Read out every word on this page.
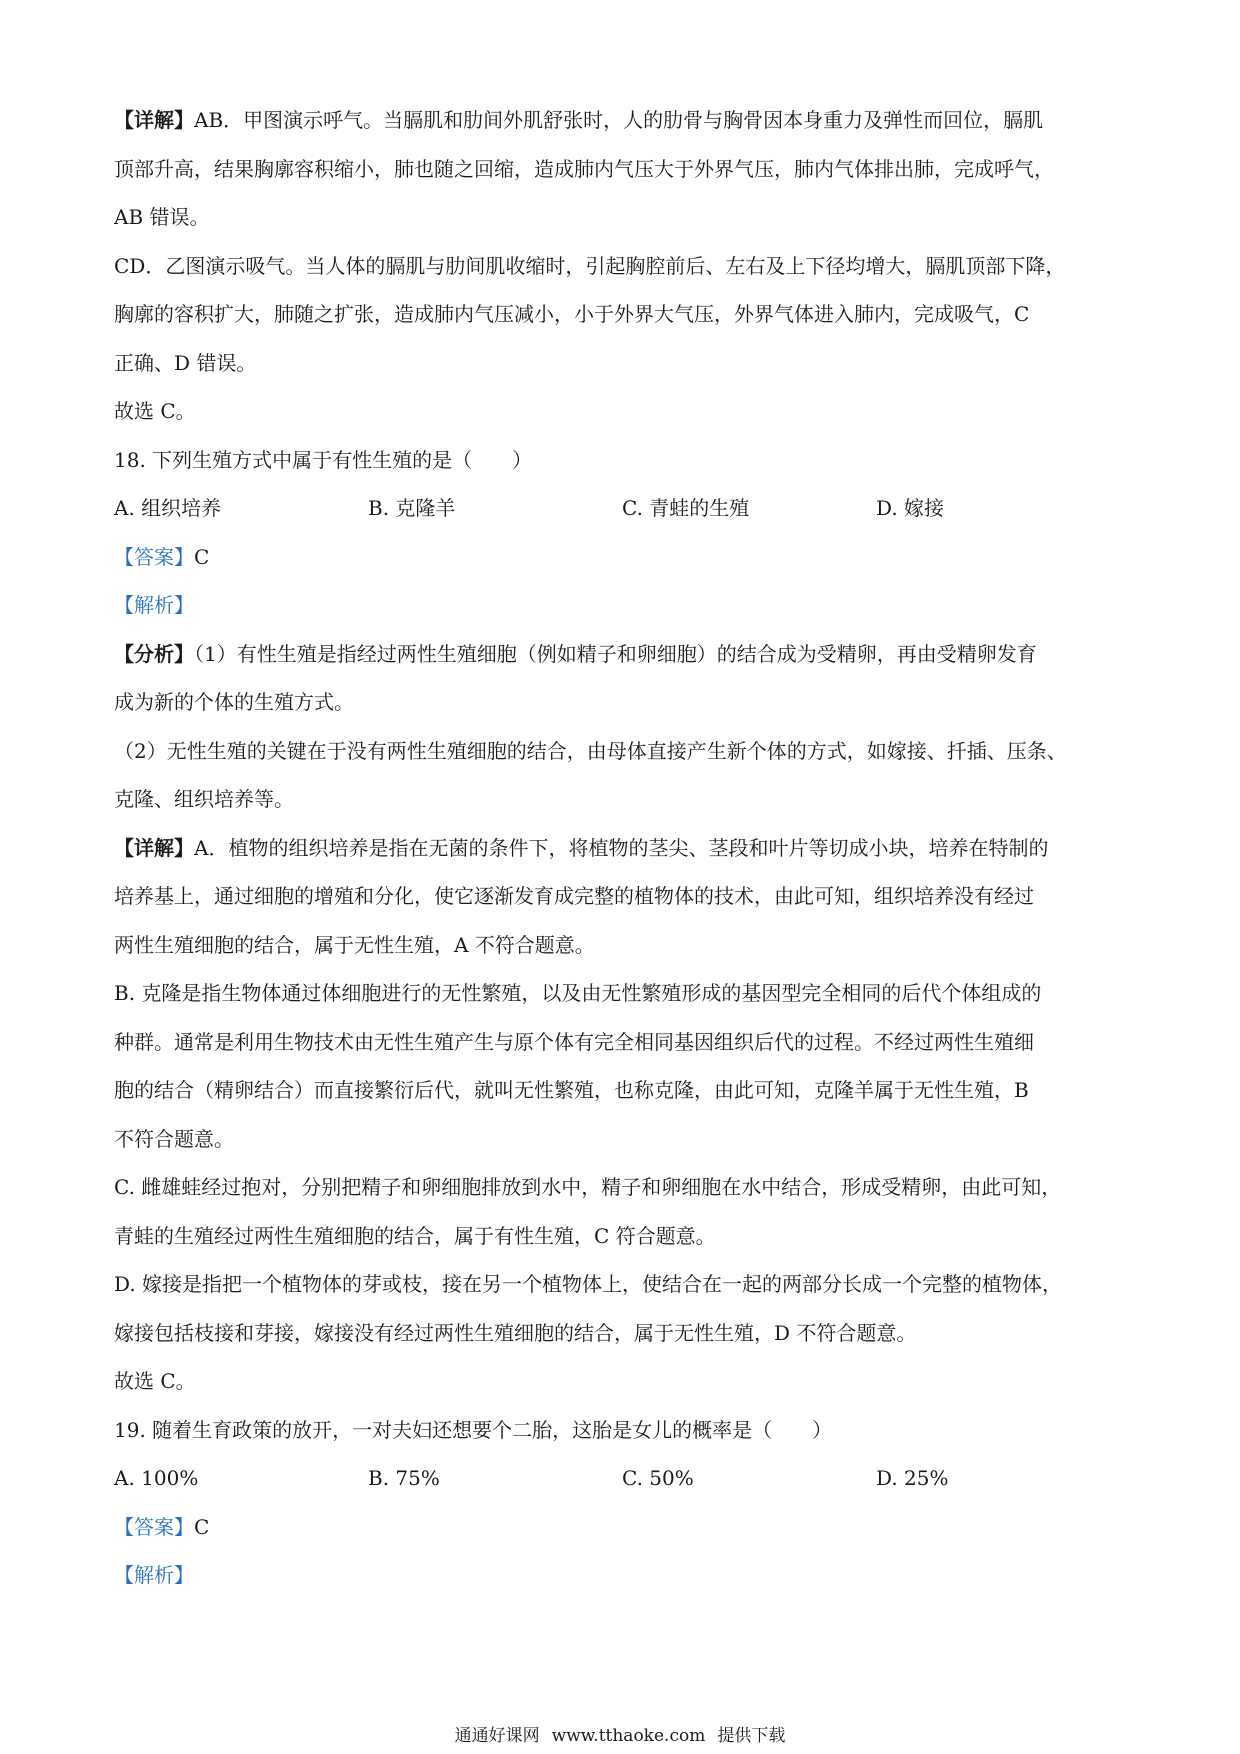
【详解】AB．甲图演示呼气。当膈肌和肋间外肌舒张时，人的肋骨与胸骨因本身重力及弹性而回位，膈肌
顶部升高，结果胸廓容积缩小，肺也随之回缩，造成肺内气压大于外界气压，肺内气体排出肺，完成呼气，
AB 错误。
CD．乙图演示吸气。当人体的膈肌与肋间肌收缩时，引起胸腔前后、左右及上下径均增大，膈肌顶部下降，
胸廓的容积扩大，肺随之扩张，造成肺内气压减小，小于外界大气压，外界气体进入肺内，完成吸气，C
正确、D 错误。
故选 C。
18. 下列生殖方式中属于有性生殖的是（　　）
A. 组织培养	B. 克隆羊	C. 青蛙的生殖	D. 嫁接
【答案】C
【解析】
【分析】（1）有性生殖是指经过两性生殖细胞（例如精子和卵细胞）的结合成为受精卵，再由受精卵发育
成为新的个体的生殖方式。
（2）无性生殖的关键在于没有两性生殖细胞的结合，由母体直接产生新个体的方式，如嫁接、扦插、压条、
克隆、组织培养等。
【详解】A．植物的组织培养是指在无菌的条件下，将植物的茎尖、茎段和叶片等切成小块，培养在特制的
培养基上，通过细胞的增殖和分化，使它逐渐发育成完整的植物体的技术，由此可知，组织培养没有经过
两性生殖细胞的结合，属于无性生殖，A 不符合题意。
B. 克隆是指生物体通过体细胞进行的无性繁殖，以及由无性繁殖形成的基因型完全相同的后代个体组成的
种群。通常是利用生物技术由无性生殖产生与原个体有完全相同基因组织后代的过程。不经过两性生殖细
胞的结合（精卵结合）而直接繁衍后代，就叫无性繁殖，也称克隆，由此可知，克隆羊属于无性生殖，B
不符合题意。
C. 雌雄蛙经过抱对，分别把精子和卵细胞排放到水中，精子和卵细胞在水中结合，形成受精卵，由此可知，
青蛙的生殖经过两性生殖细胞的结合，属于有性生殖，C 符合题意。
D. 嫁接是指把一个植物体的芽或枝，接在另一个植物体上，使结合在一起的两部分长成一个完整的植物体，
嫁接包括枝接和芽接，嫁接没有经过两性生殖细胞的结合，属于无性生殖，D 不符合题意。
故选 C。
19. 随着生育政策的放开，一对夫妇还想要个二胎，这胎是女儿的概率是（　　）
A. 100%	B. 75%	C. 50%	D. 25%
【答案】C
【解析】
通通好课网 www.tthaoke.com 提供下载
